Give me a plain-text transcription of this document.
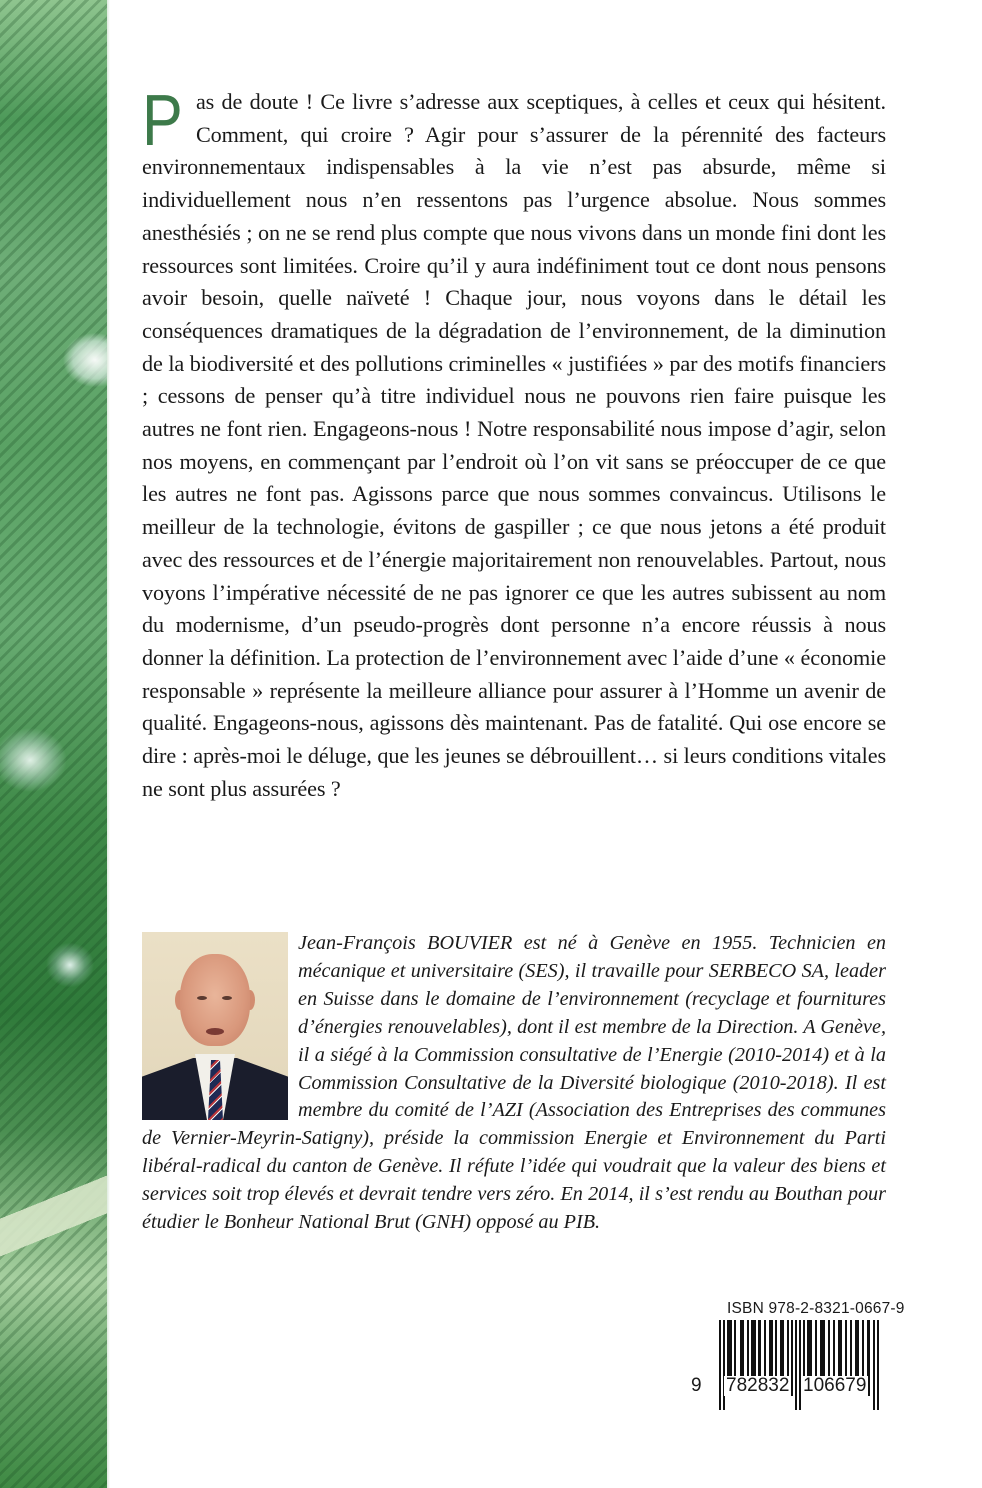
Pas de doute ! Ce livre s’adresse aux sceptiques, à celles et ceux qui hésitent. Comment, qui croire ? Agir pour s’assurer de la pérennité des facteurs environnementaux indispensables à la vie n’est pas absurde, même si individuellement nous n’en ressentons pas l’urgence absolue. Nous sommes anesthésiés ; on ne se rend plus compte que nous vivons dans un monde fini dont les ressources sont limitées. Croire qu’il y aura indéfiniment tout ce dont nous pensons avoir besoin, quelle naïveté ! Chaque jour, nous voyons dans le détail les conséquences dramatiques de la dégradation de l’environnement, de la diminution de la biodiversité et des pollutions criminelles « justifiées » par des motifs financiers ; cessons de penser qu’à titre individuel nous ne pouvons rien faire puisque les autres ne font rien. Engageons-nous ! Notre responsabilité nous impose d’agir, selon nos moyens, en commençant par l’endroit où l’on vit sans se préoccuper de ce que les autres ne font pas. Agissons parce que nous sommes convaincus. Utilisons le meilleur de la technologie, évitons de gaspiller ; ce que nous jetons a été produit avec des ressources et de l’énergie majoritairement non renouvelables. Partout, nous voyons l’impérative nécessité de ne pas ignorer ce que les autres subissent au nom du modernisme, d’un pseudo-progrès dont personne n’a encore réussis à nous donner la définition. La protection de l’environnement avec l’aide d’une « économie responsable » représente la meilleure alliance pour assurer à l’Homme un avenir de qualité. Engageons-nous, agissons dès maintenant. Pas de fatalité. Qui ose encore se dire : après-moi le déluge, que les jeunes se débrouillent… si leurs conditions vitales ne sont plus assurées ?

Jean-François BOUVIER est né à Genève en 1955. Technicien en mécanique et universitaire (SES), il travaille pour SERBECO SA, leader en Suisse dans le domaine de l’environnement (recyclage et fournitures d’énergies renouvelables), dont il est membre de la Direction. A Genève, il a siégé à la Commission consultative de l’Energie (2010-2014) et à la Commission Consultative de la Diversité biologique (2010-2018). Il est membre du comité de l’AZI (Association des Entreprises des communes de Vernier-Meyrin-Satigny), préside la commission Energie et Environnement du Parti libéral-radical du canton de Genève. Il réfute l’idée qui voudrait que la valeur des biens et services soit trop élevés et devrait tendre vers zéro. En 2014, il s’est rendu au Bouthan pour étudier le Bonheur National Brut (GNH) opposé au PIB.

ISBN 978-2-8321-0667-9
9 782832 106679
